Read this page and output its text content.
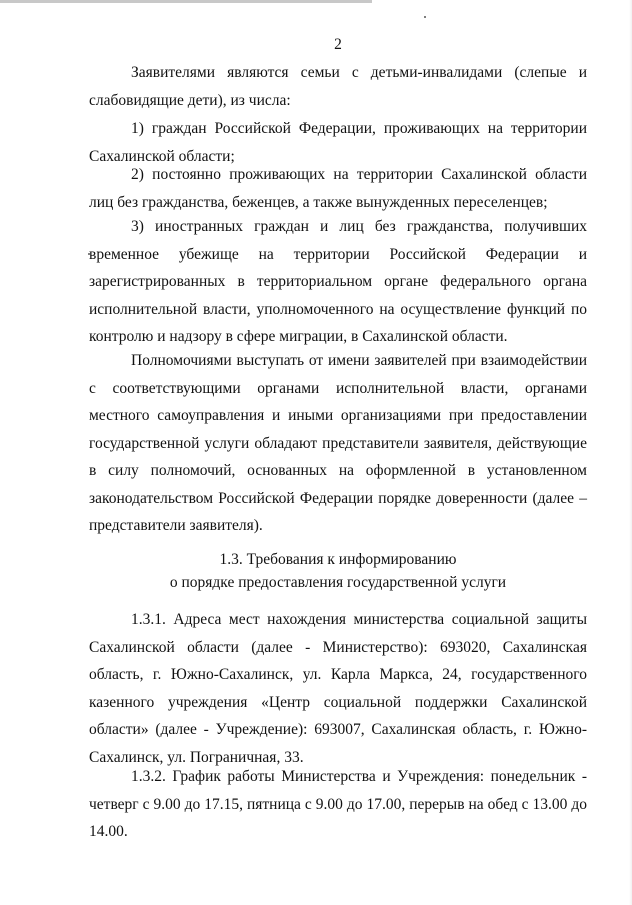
2

Заявителями являются семьи с детьми-инвалидами (слепые и слабовидящие дети), из числа:

1) граждан Российской Федерации, проживающих на территории Сахалинской области;

2) постоянно проживающих на территории Сахалинской области лиц без гражданства, беженцев, а также вынужденных переселенцев;

3) иностранных граждан и лиц без гражданства, получивших временное убежище на территории Российской Федерации и зарегистрированных в территориальном органе федерального органа исполнительной власти, уполномоченного на осуществление функций по контролю и надзору в сфере миграции, в Сахалинской области.

Полномочиями выступать от имени заявителей при взаимодействии с соответствующими органами исполнительной власти, органами местного самоуправления и иными организациями при предоставлении государственной услуги обладают представители заявителя, действующие в силу полномочий, основанных на оформленной в установленном законодательством Российской Федерации порядке доверенности (далее – представители заявителя).

1.3. Требования к информированию
о порядке предоставления государственной услуги

1.3.1. Адреса мест нахождения министерства социальной защиты Сахалинской области (далее - Министерство): 693020, Сахалинская область, г. Южно-Сахалинск, ул. Карла Маркса, 24, государственного казенного учреждения «Центр социальной поддержки Сахалинской области» (далее - Учреждение): 693007, Сахалинская область, г. Южно-Сахалинск, ул. Пограничная, 33.

1.3.2. График работы Министерства и Учреждения: понедельник - четверг с 9.00 до 17.15, пятница с 9.00 до 17.00, перерыв на обед с 13.00 до 14.00.
